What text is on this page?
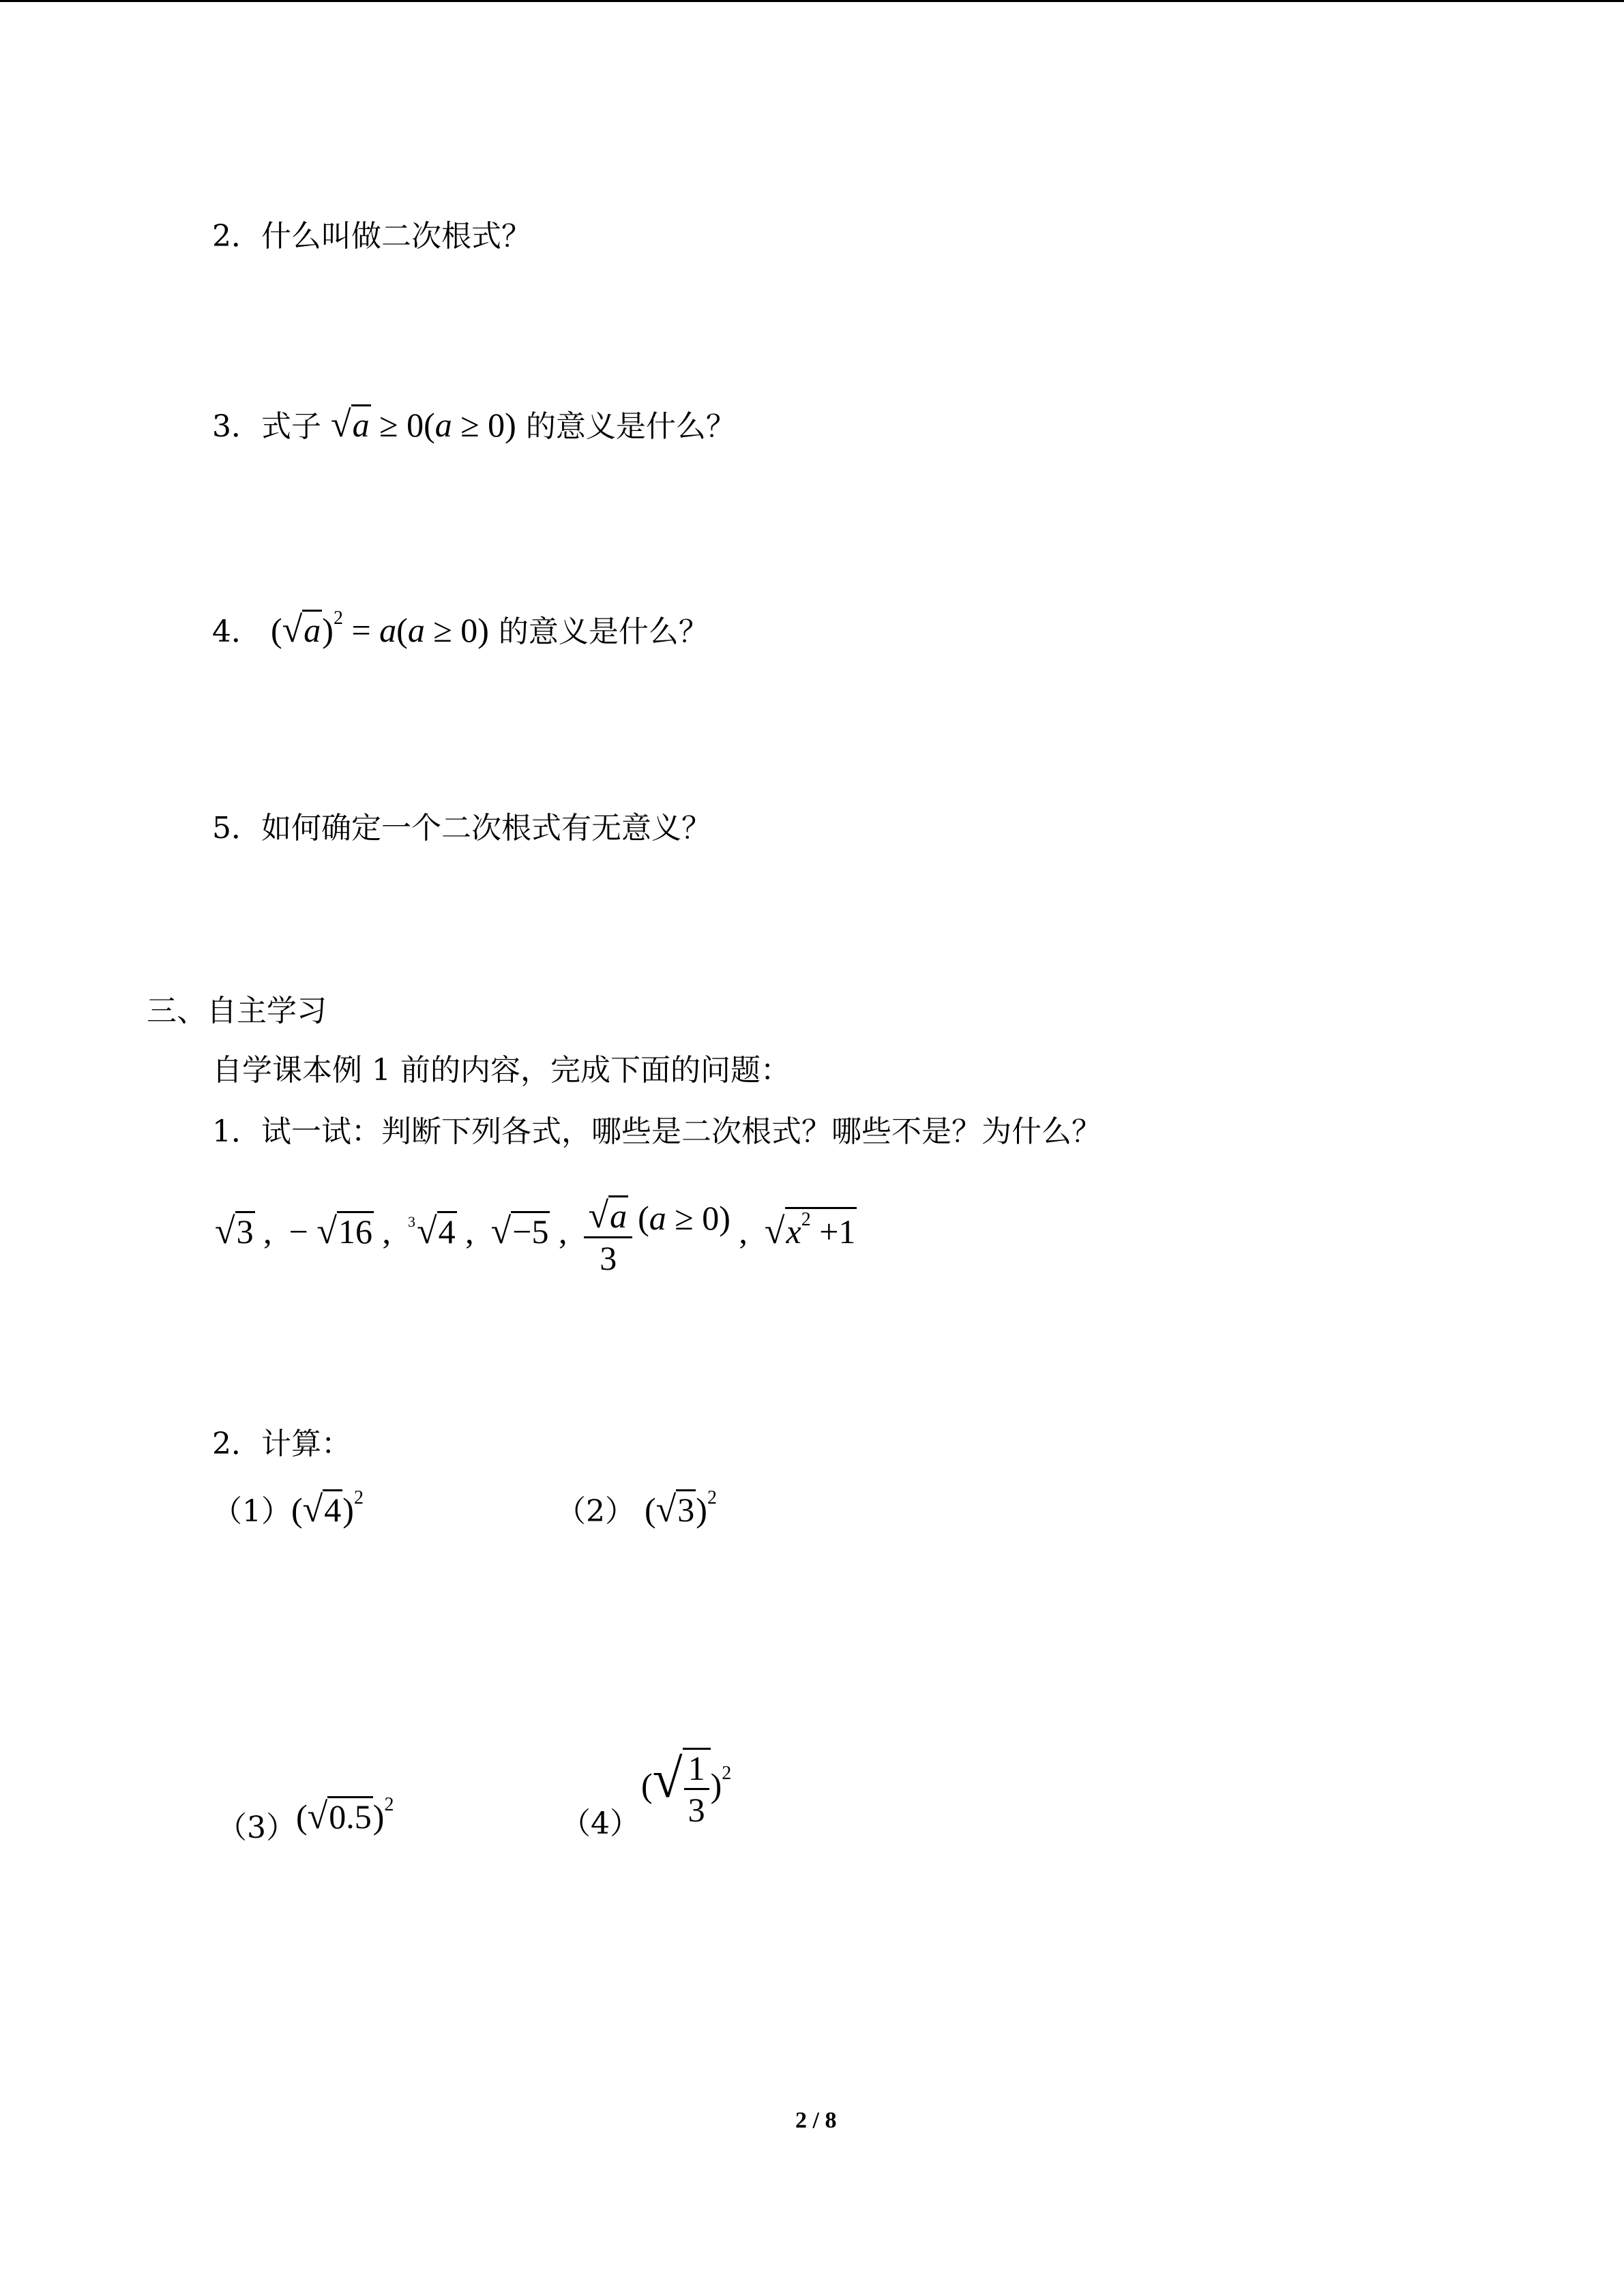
2．什么叫做二次根式？
3．式子 √a ≥ 0(a ≥ 0) 的意义是什么？
4． $(√a)^2 = a(a \ge 0)$ 的意义是什么？
5．如何确定一个二次根式有无意义？
三、自主学习
自学课本例 1 前的内容，完成下面的问题：
1．试一试：判断下列各式，哪些是二次根式？哪些不是？为什么？
√3 ,  − √16 ,  3√4 ,  √−5 , $\frac{√a}{3} (a \ge 0)$ ,  $√x^2 +1$
2．计算：
$(1)(√4)^2$	（2） $(√3)^2$
$(3)(√0.5)^2$
（4）
(√ $\frac{1}{3} )^2$
2 / 8
